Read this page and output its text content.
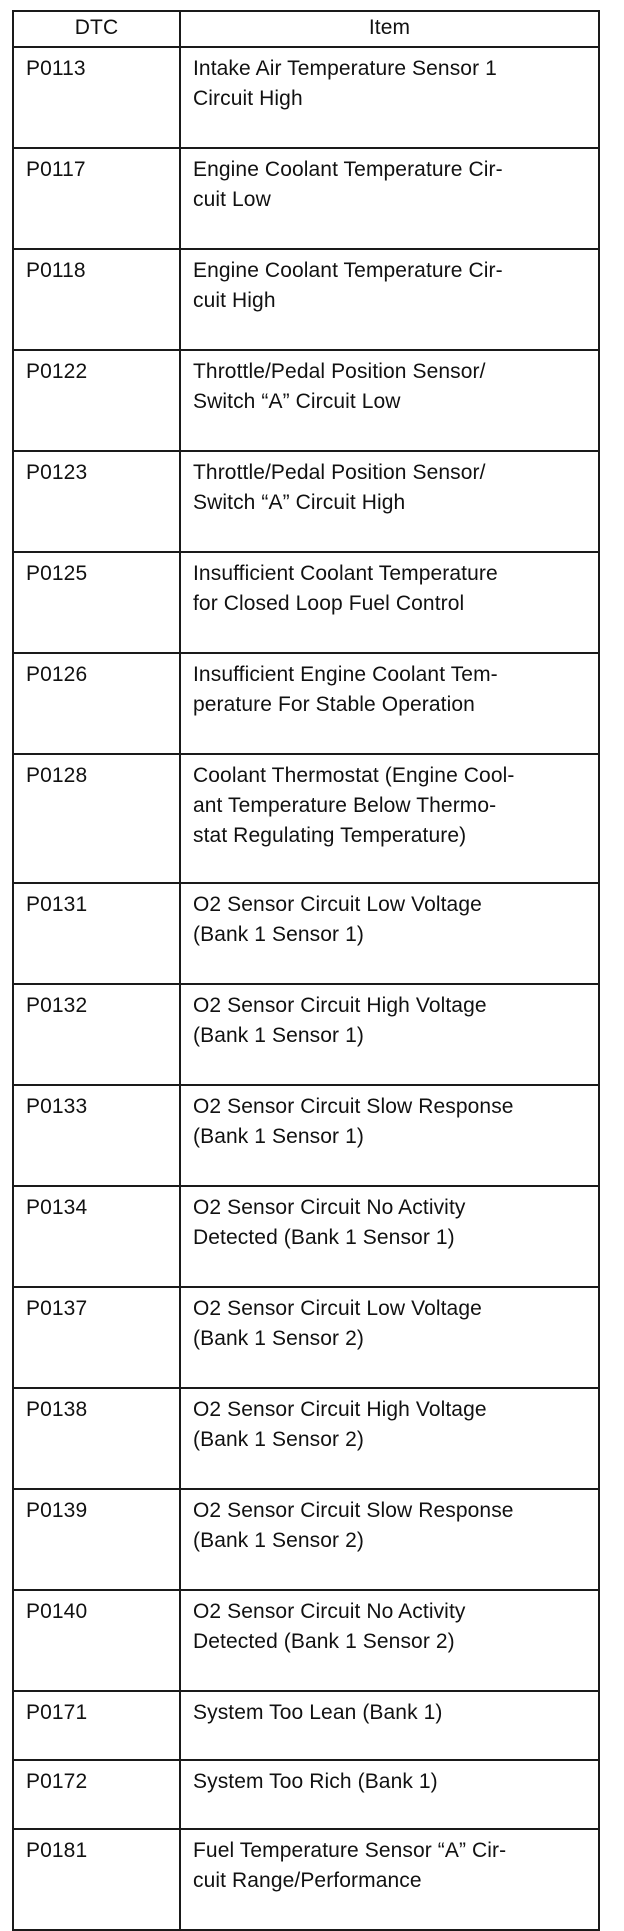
DTC	Item
P0113	Intake Air Temperature Sensor 1
Circuit High
P0117	Engine Coolant Temperature Cir-
cuit Low
P0118	Engine Coolant Temperature Cir-
cuit High
P0122	Throttle/Pedal Position Sensor/
Switch “A” Circuit Low
P0123	Throttle/Pedal Position Sensor/
Switch “A” Circuit High
P0125	Insufficient Coolant Temperature
for Closed Loop Fuel Control
P0126	Insufficient Engine Coolant Tem-
perature For Stable Operation
P0128	Coolant Thermostat (Engine Cool-
ant Temperature Below Thermo-
stat Regulating Temperature)
P0131	O2 Sensor Circuit Low Voltage
(Bank 1 Sensor 1)
P0132	O2 Sensor Circuit High Voltage
(Bank 1 Sensor 1)
P0133	O2 Sensor Circuit Slow Response
(Bank 1 Sensor 1)
P0134	O2 Sensor Circuit No Activity
Detected (Bank 1 Sensor 1)
P0137	O2 Sensor Circuit Low Voltage
(Bank 1 Sensor 2)
P0138	O2 Sensor Circuit High Voltage
(Bank 1 Sensor 2)
P0139	O2 Sensor Circuit Slow Response
(Bank 1 Sensor 2)
P0140	O2 Sensor Circuit No Activity
Detected (Bank 1 Sensor 2)
P0171	System Too Lean (Bank 1)
P0172	System Too Rich (Bank 1)
P0181	Fuel Temperature Sensor “A” Cir-
cuit Range/Performance
